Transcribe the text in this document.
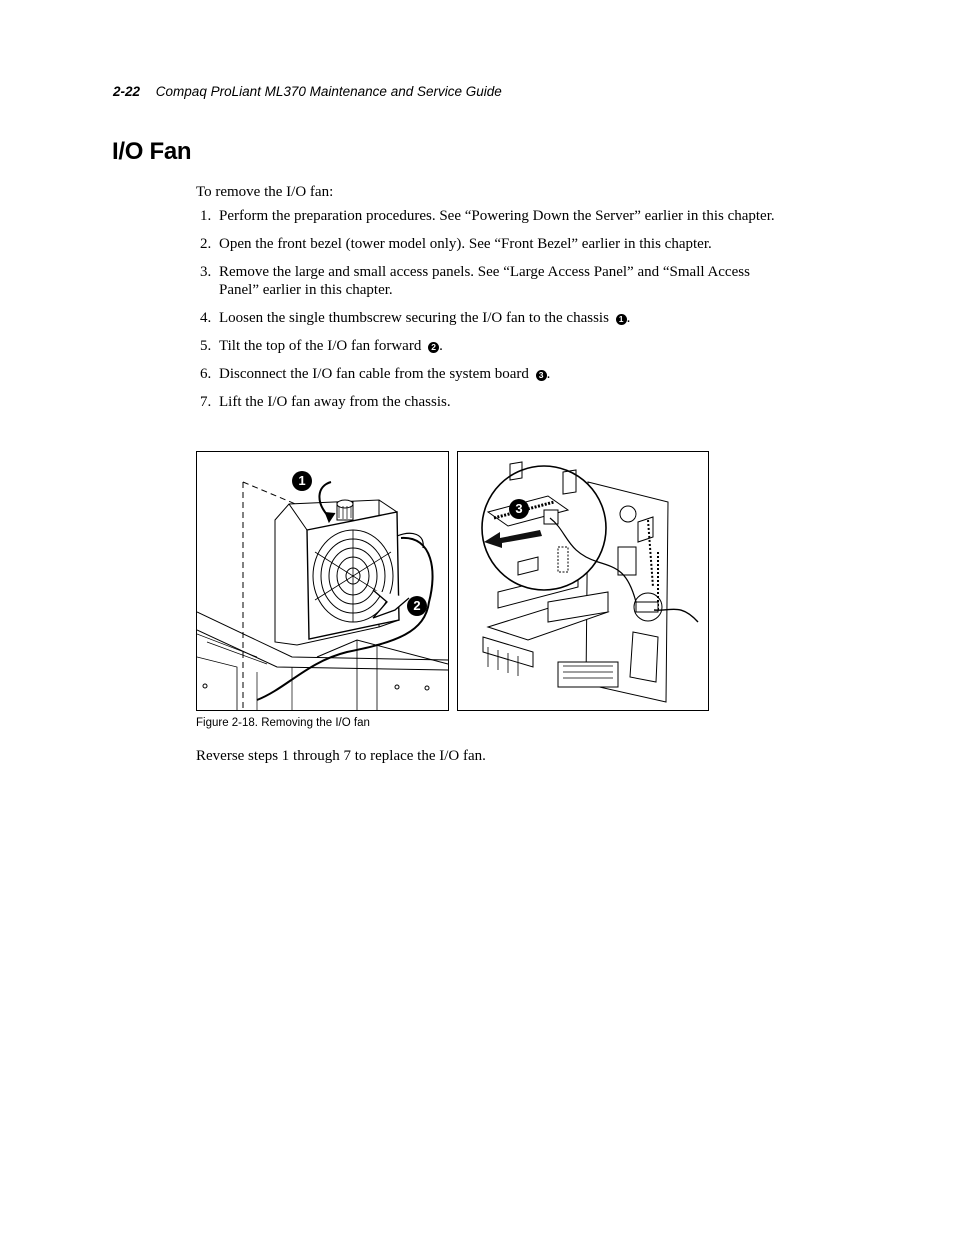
2-22 Compaq ProLiant ML370 Maintenance and Service Guide
I/O Fan
To remove the I/O fan:
1. Perform the preparation procedures. See “Powering Down the Server” earlier in this chapter.
2. Open the front bezel (tower model only). See “Front Bezel” earlier in this chapter.
3. Remove the large and small access panels. See “Large Access Panel” and “Small Access Panel” earlier in this chapter.
4. Loosen the single thumbscrew securing the I/O fan to the chassis 1 .
5. Tilt the top of the I/O fan forward 2 .
6. Disconnect the I/O fan cable from the system board 3 .
7. Lift the I/O fan away from the chassis.
1
2
3
Figure 2-18. Removing the I/O fan
Reverse steps 1 through 7 to replace the I/O fan.
